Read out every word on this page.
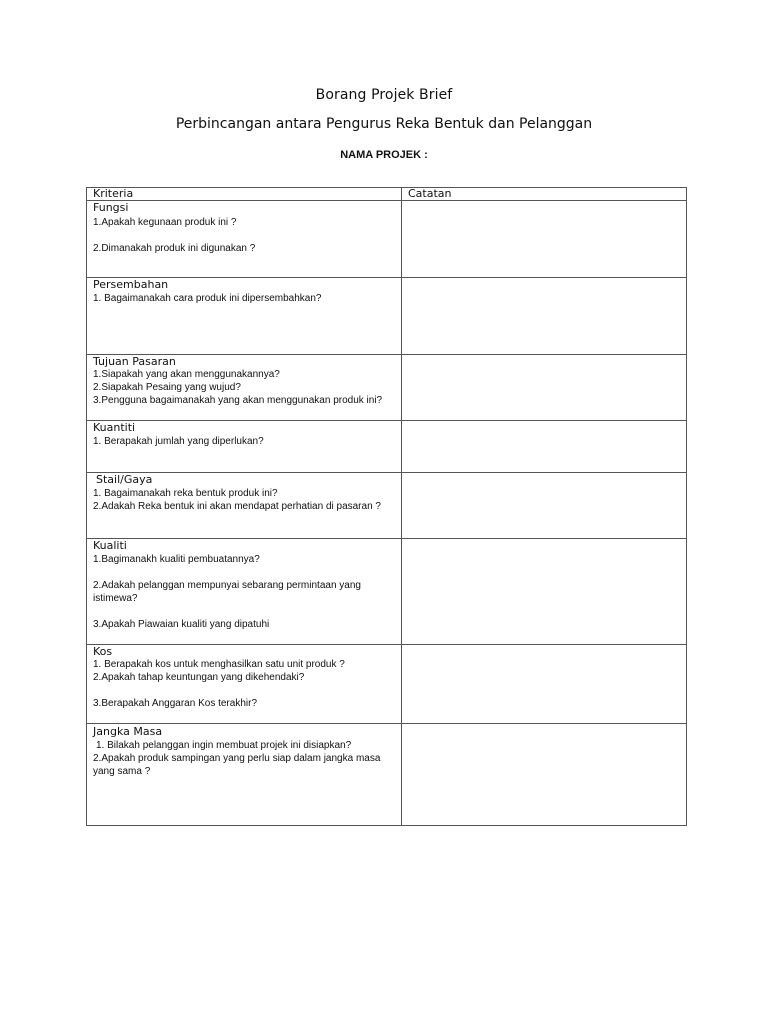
Borang Projek Brief
Perbincangan antara Pengurus Reka Bentuk dan Pelanggan

NAMA PROJEK :

Kriteria	Catatan

Fungsi
1.Apakah kegunaan produk ini ?
2.Dimanakah produk ini digunakan ?	

Persembahan
1. Bagaimanakah cara produk ini dipersembahkan?	

Tujuan Pasaran
1.Siapakah yang akan menggunakannya?
2.Siapakah Pesaing yang wujud?
3.Pengguna bagaimanakah yang akan menggunakan produk ini?	

Kuantiti
1. Berapakah jumlah yang diperlukan?	

Stail/Gaya
1. Bagaimanakah reka bentuk produk ini?
2.Adakah Reka bentuk ini akan mendapat perhatian di pasaran ?	

Kualiti
1.Bagimanakh kualiti pembuatannya?
2.Adakah pelanggan mempunyai sebarang permintaan yang istimewa?
3.Apakah Piawaian kualiti yang dipatuhi	

Kos
1. Berapakah kos untuk menghasilkan satu unit produk ?
2.Apakah tahap keuntungan yang dikehendaki?
3.Berapakah Anggaran Kos terakhir?	

Jangka Masa
1. Bilakah pelanggan ingin membuat projek ini disiapkan?
2.Apakah produk sampingan yang perlu siap dalam jangka masa yang sama ?	
